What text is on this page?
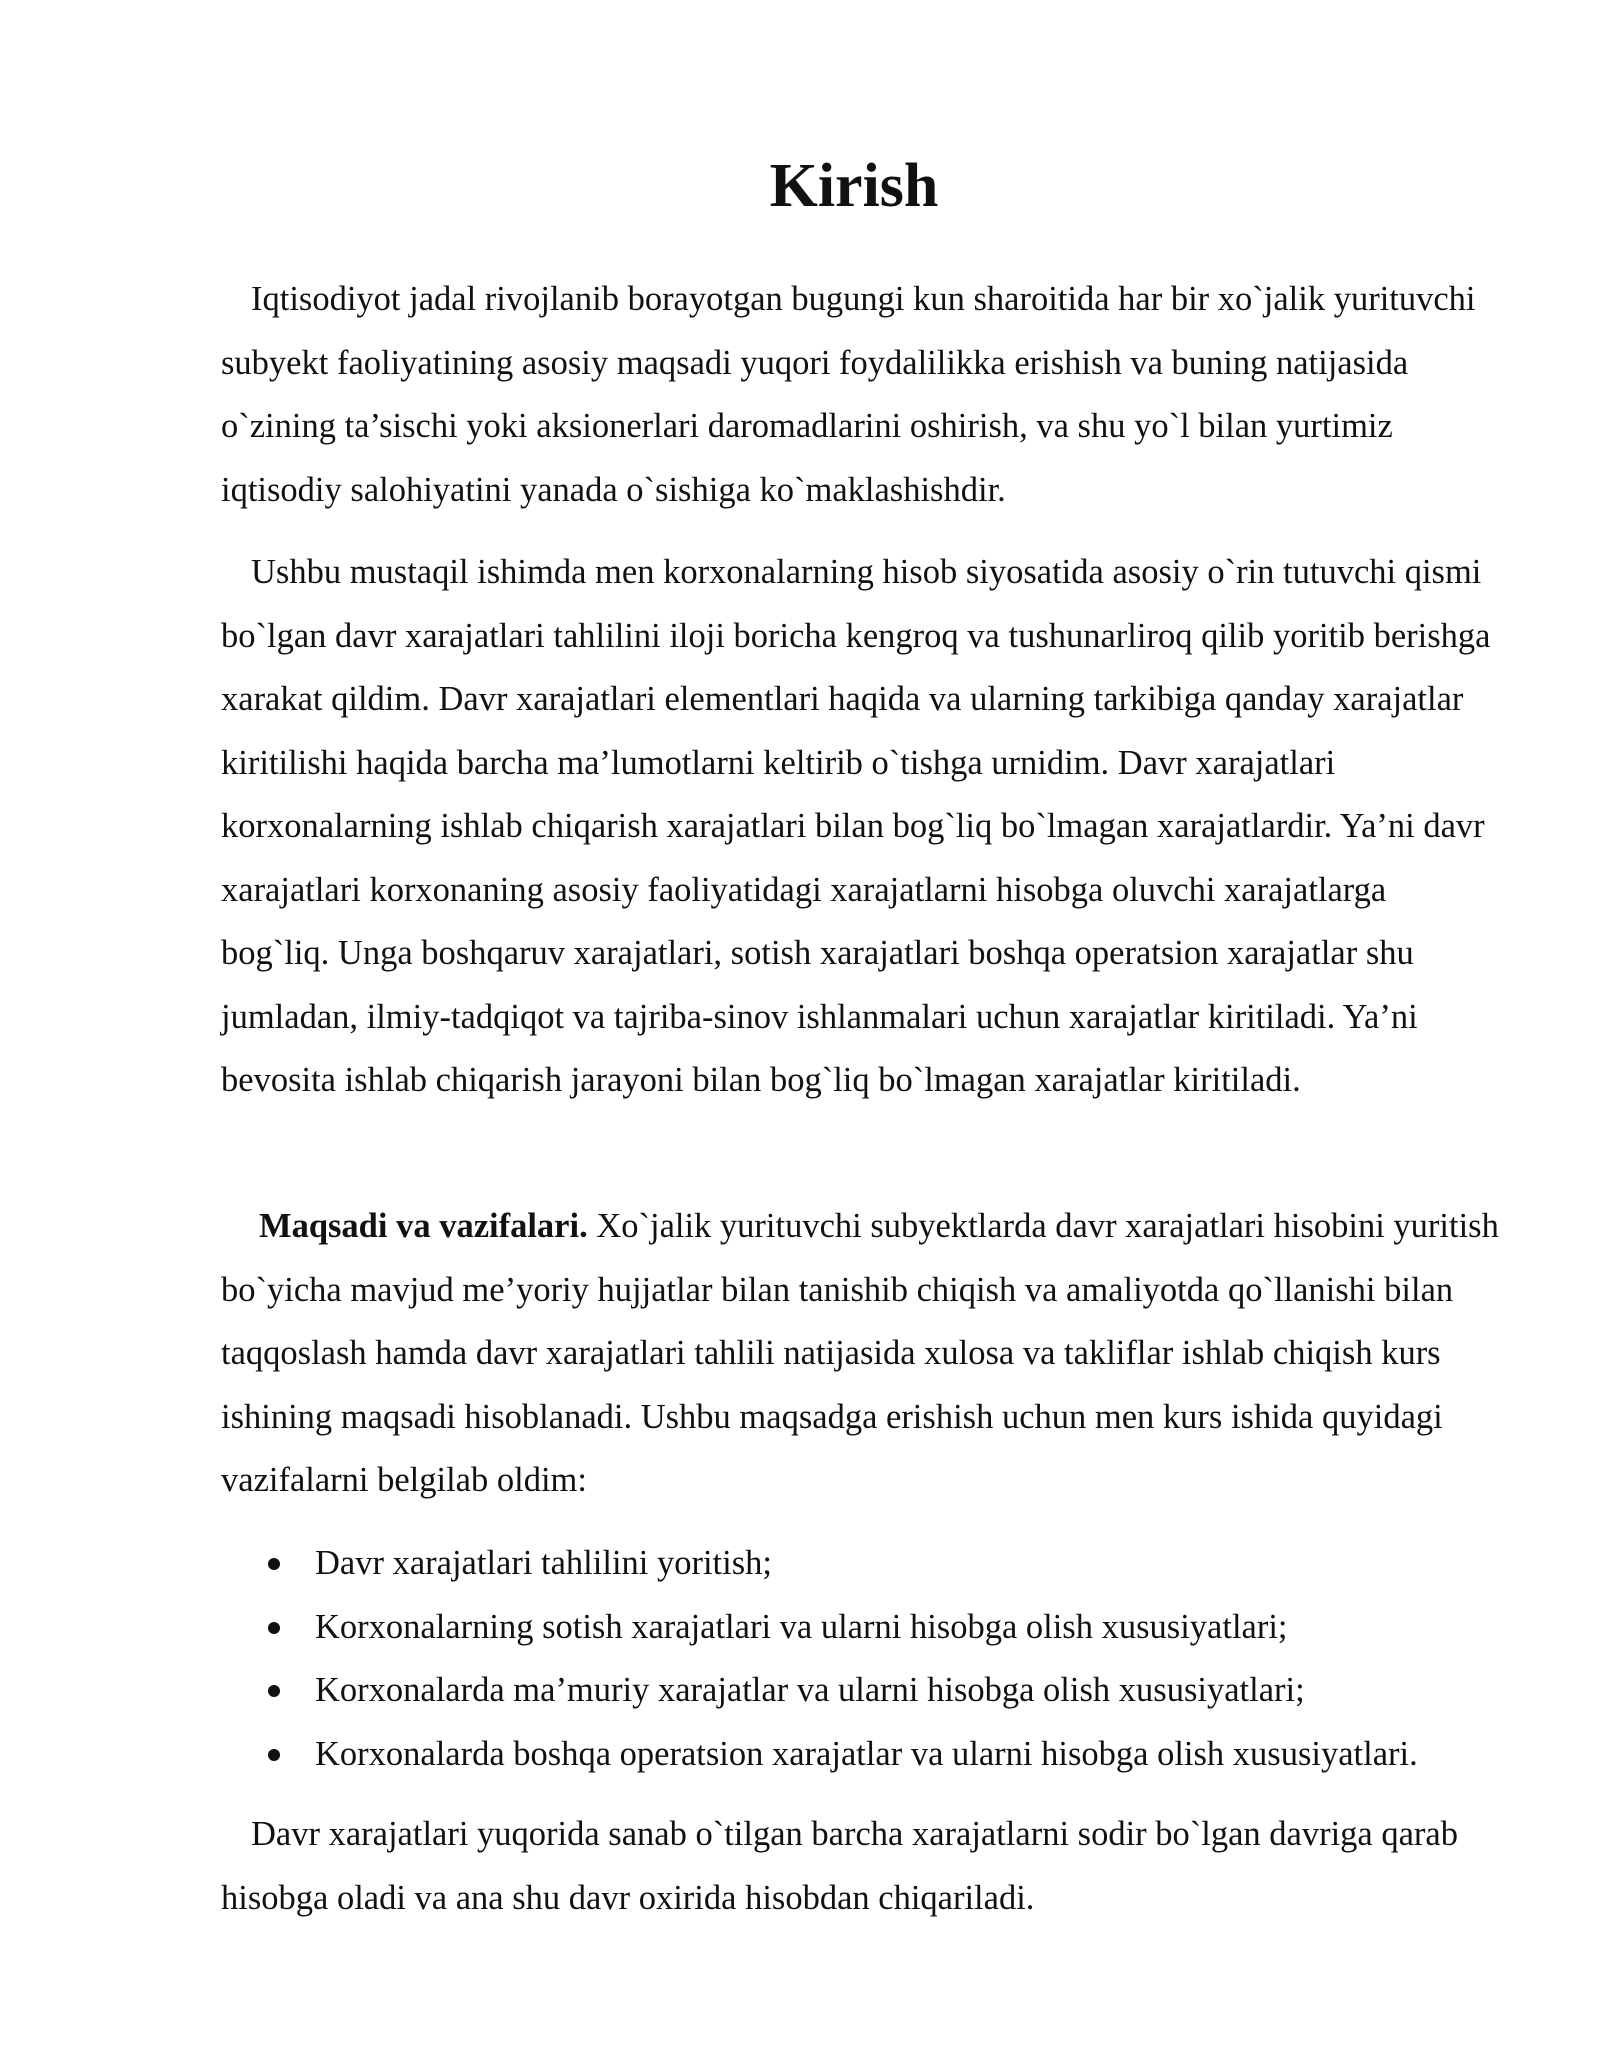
Kirish

Iqtisodiyot jadal rivojlanib borayotgan bugungi kun sharoitida har bir xo`jalik yurituvchi subyekt faoliyatining asosiy maqsadi yuqori foydalilikka erishish va buning natijasida o`zining ta’sischi yoki aksionerlari daromadlarini oshirish, va shu yo`l bilan yurtimiz iqtisodiy salohiyatini yanada o`sishiga ko`maklashishdir.

Ushbu mustaqil ishimda men korxonalarning hisob siyosatida asosiy o`rin tutuvchi qismi bo`lgan davr xarajatlari tahlilini iloji boricha kengroq va tushunarliroq qilib yoritib berishga xarakat qildim. Davr xarajatlari elementlari haqida va ularning tarkibiga qanday xarajatlar kiritilishi haqida barcha ma’lumotlarni keltirib o`tishga urnidim. Davr xarajatlari korxonalarning ishlab chiqarish xarajatlari bilan bog`liq bo`lmagan xarajatlardir. Ya’ni davr xarajatlari korxonaning asosiy faoliyatidagi xarajatlarni hisobga oluvchi xarajatlarga bog`liq. Unga boshqaruv xarajatlari, sotish xarajatlari boshqa operatsion xarajatlar shu jumladan, ilmiy-tadqiqot va tajriba-sinov ishlanmalari uchun xarajatlar kiritiladi. Ya’ni bevosita ishlab chiqarish jarayoni bilan bog`liq bo`lmagan xarajatlar kiritiladi.

Maqsadi va vazifalari. Xo`jalik yurituvchi subyektlarda davr xarajatlari hisobini yuritish bo`yicha mavjud me’yoriy hujjatlar bilan tanishib chiqish va amaliyotda qo`llanishi bilan taqqoslash hamda davr xarajatlari tahlili natijasida xulosa va takliflar ishlab chiqish kurs ishining maqsadi hisoblanadi. Ushbu maqsadga erishish uchun men kurs ishida quyidagi vazifalarni belgilab oldim:

Davr xarajatlari tahlilini yoritish;
Korxonalarning sotish xarajatlari va ularni hisobga olish xususiyatlari;
Korxonalarda ma’muriy xarajatlar va ularni hisobga olish xususiyatlari;
Korxonalarda boshqa operatsion xarajatlar va ularni hisobga olish xususiyatlari.

Davr xarajatlari yuqorida sanab o`tilgan barcha xarajatlarni sodir bo`lgan davriga qarab hisobga oladi va ana shu davr oxirida hisobdan chiqariladi.
